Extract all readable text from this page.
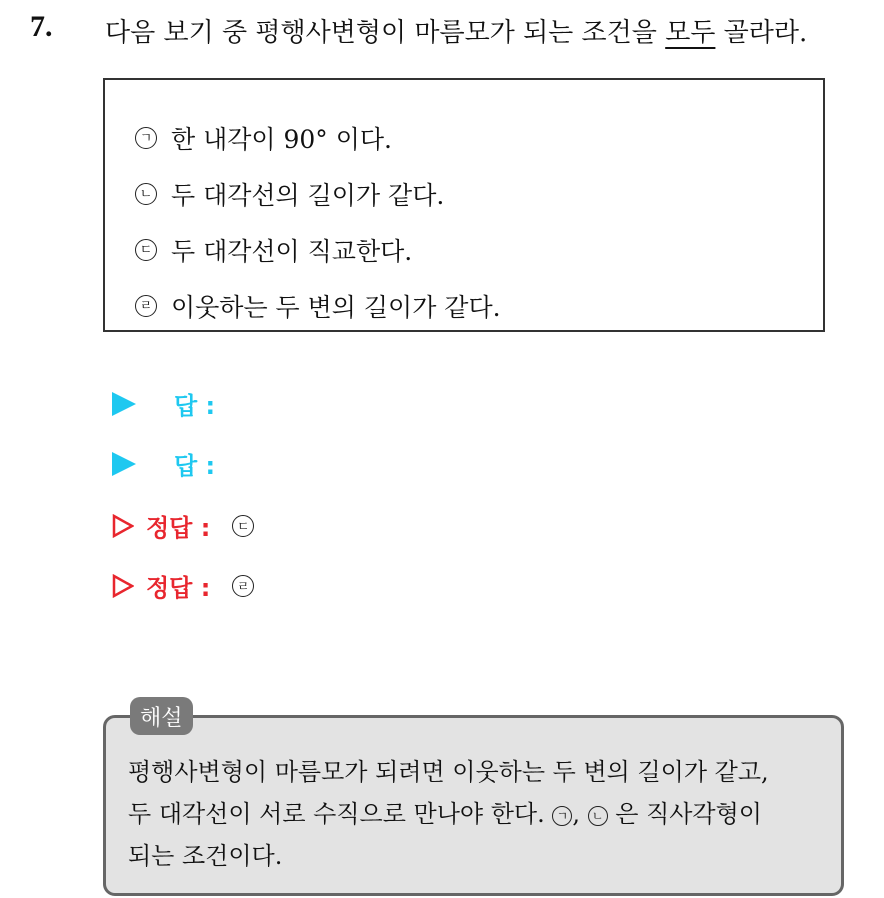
7. 다음 보기 중 평행사변형이 마름모가 되는 조건을 모두 골라라.
ㄱ 한 내각이 90° 이다.
ㄴ 두 대각선의 길이가 같다.
ㄷ 두 대각선이 직교한다.
ㄹ 이웃하는 두 변의 길이가 같다.
답 :
답 :
정답 :	ㄷ
정답 :	ㄹ
평행사변형이 마름모가 되려면 이웃하는 두 변의 길이가 같고,
두 대각선이 서로 수직으로 만나야 한다. ㄱ , ㄴ 은 직사각형이
되는 조건이다.
해설
